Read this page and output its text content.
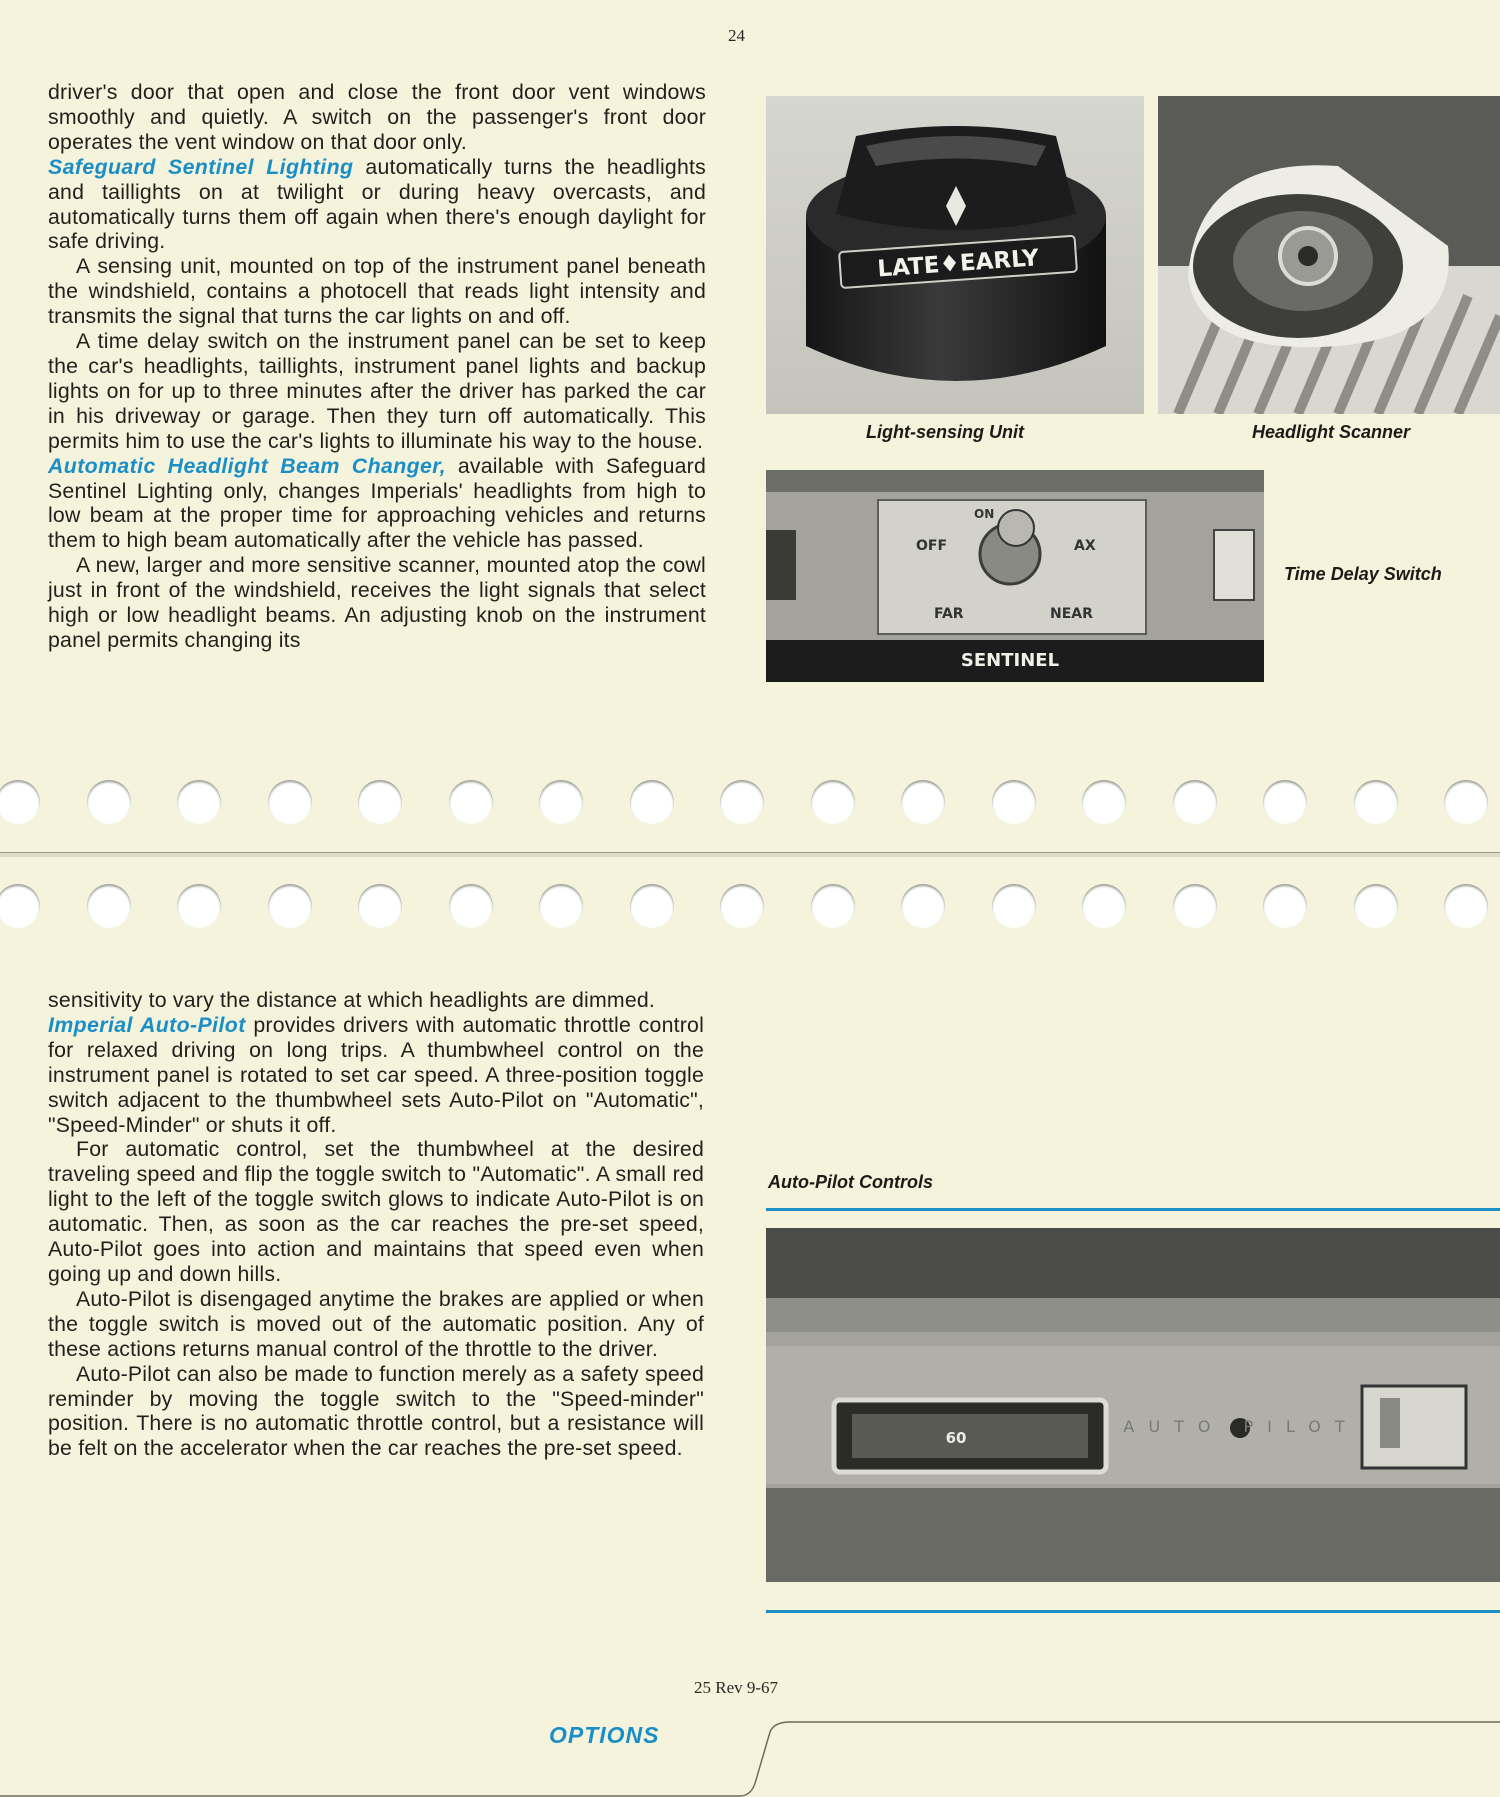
24

driver's door that open and close the front door vent windows smoothly and quietly. A switch on the passenger's front door operates the vent window on that door only.

Safeguard Sentinel Lighting automatically turns the headlights and taillights on at twilight or during heavy overcasts, and automatically turns them off again when there's enough daylight for safe driving.

A sensing unit, mounted on top of the instrument panel beneath the windshield, contains a photocell that reads light intensity and transmits the signal that turns the car lights on and off.

A time delay switch on the instrument panel can be set to keep the car's headlights, taillights, instrument panel lights and backup lights on for up to three minutes after the driver has parked the car in his driveway or garage. Then they turn off automatically. This permits him to use the car's lights to illuminate his way to the house.

Automatic Headlight Beam Changer, available with Safeguard Sentinel Lighting only, changes Imperials' headlights from high to low beam at the proper time for approaching vehicles and returns them to high beam automatically after the vehicle has passed.

A new, larger and more sensitive scanner, mounted atop the cowl just in front of the windshield, receives the light signals that select high or low headlight beams. An adjusting knob on the instrument panel permits changing its

LATE♦EARLY
Light-sensing Unit	Headlight Scanner
OFF
ON
AX
FAR	NEAR
SENTINEL
Time Delay Switch

sensitivity to vary the distance at which headlights are dimmed.

Imperial Auto-Pilot provides drivers with automatic throttle control for relaxed driving on long trips. A thumbwheel control on the instrument panel is rotated to set car speed. A three-position toggle switch adjacent to the thumbwheel sets Auto-Pilot on "Automatic", "Speed-Minder" or shuts it off.

For automatic control, set the thumbwheel at the desired traveling speed and flip the toggle switch to "Automatic". A small red light to the left of the toggle switch glows to indicate Auto-Pilot is on automatic. Then, as soon as the car reaches the pre-set speed, Auto-Pilot goes into action and maintains that speed even when going up and down hills.

Auto-Pilot is disengaged anytime the brakes are applied or when the toggle switch is moved out of the automatic position. Any of these actions returns manual control of the throttle to the driver.

Auto-Pilot can also be made to function merely as a safety speed reminder by moving the toggle switch to the "Speed-minder" position. There is no automatic throttle control, but a resistance will be felt on the accelerator when the car reaches the pre-set speed.

Auto-Pilot Controls
60
AUTO PILOT
25 Rev 9-67
OPTIONS
